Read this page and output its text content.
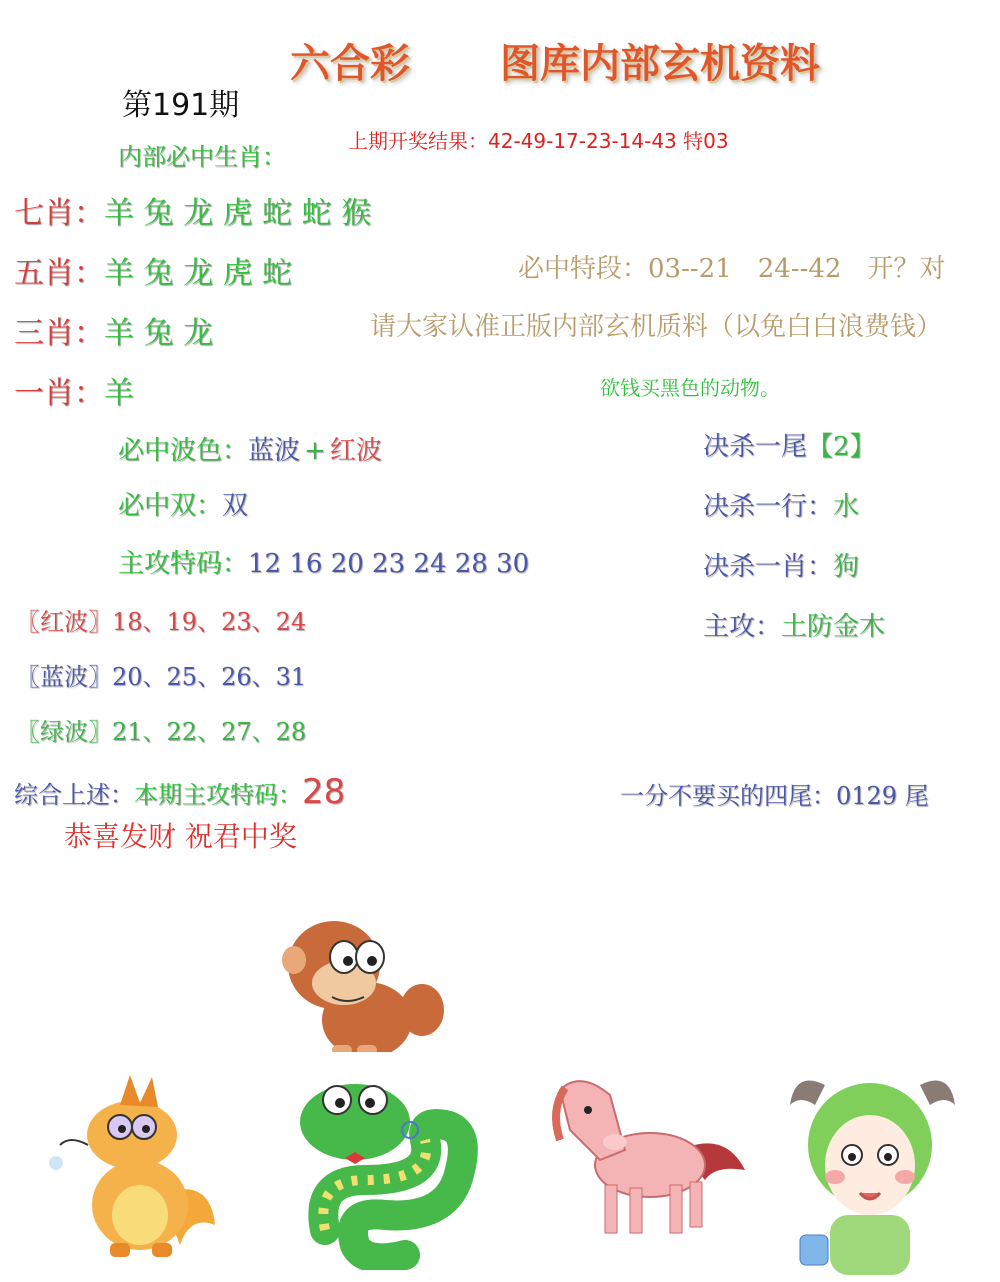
六合彩 图库内部玄机资料
第191期
内部必中生肖：
上期开奖结果：42-49-17-23-14-43 特03
七肖：羊 兔 龙 虎 蛇 蛇 猴
五肖：羊 兔 龙 虎 蛇
三肖：羊 兔 龙
一肖：羊
必中特段：03--21　24--42　开？对
请大家认准正版内部玄机质料（以免白白浪费钱）
欲钱买黑色的动物。
必中波色：蓝波 + 红波
必中双：双
主攻特码：12 16 20 23 24 28 30
〖红波〗18、19、23、24
〖蓝波〗20、25、26、31
〖绿波〗21、22、27、28
决杀一尾【2】
决杀一行：水
决杀一肖：狗
主攻：土防金木
综合上述：本期主攻特码：28	一分不要买的四尾：0129 尾
恭喜发财 祝君中奖
